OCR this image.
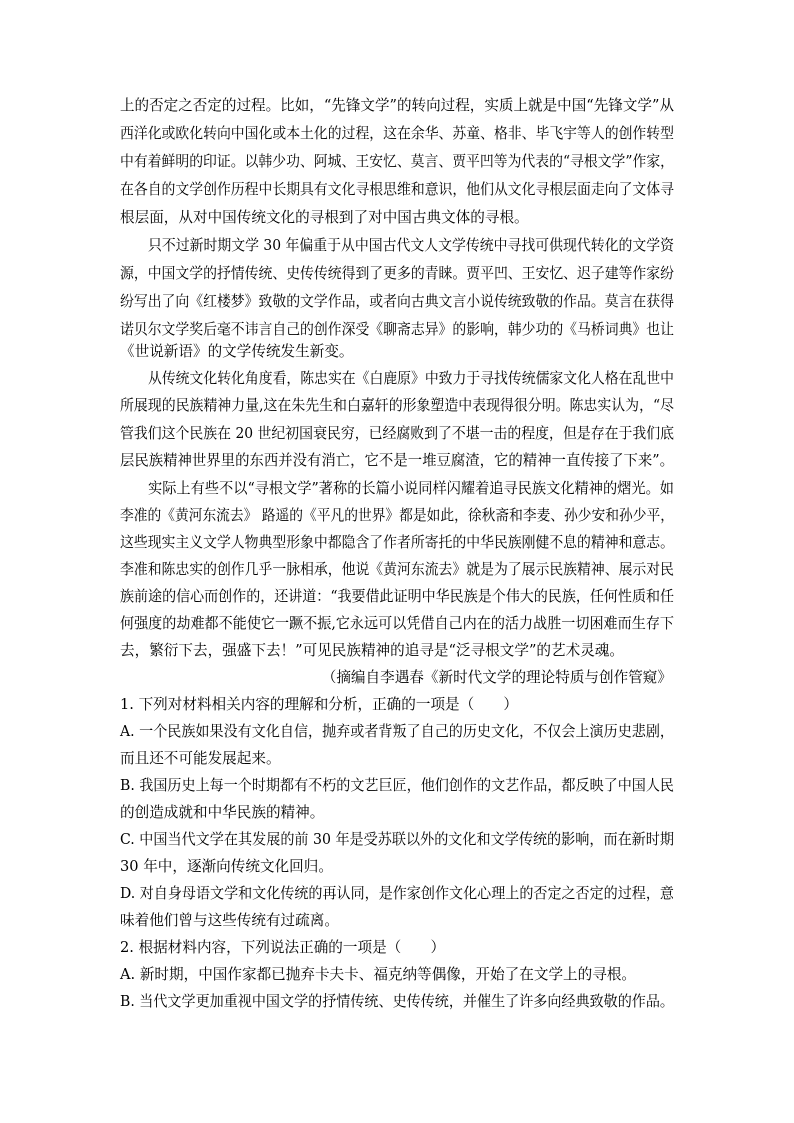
上的否定之否定的过程。比如，“先锋文学”的转向过程，实质上就是中国“先锋文学”从
西洋化或欧化转向中国化或本土化的过程，这在余华、苏童、格非、毕飞宇等人的创作转型
中有着鲜明的印证。以韩少功、阿城、王安忆、莫言、贾平凹等为代表的“寻根文学”作家，
在各自的文学创作历程中长期具有文化寻根思维和意识，他们从文化寻根层面走向了文体寻
根层面，从对中国传统文化的寻根到了对中国古典文体的寻根。
只不过新时期文学 30 年偏重于从中国古代文人文学传统中寻找可供现代转化的文学资
源，中国文学的抒情传统、史传传统得到了更多的青睐。贾平凹、王安忆、迟子建等作家纷
纷写出了向《红楼梦》致敬的文学作品，或者向古典文言小说传统致敬的作品。莫言在获得
诺贝尔文学奖后毫不讳言自己的创作深受《聊斋志异》的影响，韩少功的《马桥词典》也让
《世说新语》的文学传统发生新变。
从传统文化转化角度看，陈忠实在《白鹿原》中致力于寻找传统儒家文化人格在乱世中
所展现的民族精神力量,这在朱先生和白嘉轩的形象塑造中表现得很分明。陈忠实认为，“尽
管我们这个民族在 20 世纪初国衰民穷，已经腐败到了不堪一击的程度，但是存在于我们底
层民族精神世界里的东西并没有消亡，它不是一堆豆腐渣，它的精神一直传接了下来”。
实际上有些不以“寻根文学”著称的长篇小说同样闪耀着追寻民族文化精神的熠光。如
李准的《黄河东流去》 路遥的《平凡的世界》都是如此，徐秋斋和李麦、孙少安和孙少平，
这些现实主义文学人物典型形象中都隐含了作者所寄托的中华民族刚健不息的精神和意志。
李准和陈忠实的创作几乎一脉相承，他说《黄河东流去》就是为了展示民族精神、展示对民
族前途的信心而创作的，还讲道：“我要借此证明中华民族是个伟大的民族，任何性质和任
何强度的劫难都不能使它一蹶不振,它永远可以凭借自己内在的活力战胜一切困难而生存下
去，繁衍下去，强盛下去！”可见民族精神的追寻是“泛寻根文学”的艺术灵魂。
（摘编自李遇春《新时代文学的理论特质与创作管窥》
1. 下列对材料相关内容的理解和分析，正确的一项是（　　）
A. 一个民族如果没有文化自信，抛弃或者背叛了自己的历史文化，不仅会上演历史悲剧，
而且还不可能发展起来。
B. 我国历史上每一个时期都有不朽的文艺巨匠，他们创作的文艺作品，都反映了中国人民
的创造成就和中华民族的精神。
C. 中国当代文学在其发展的前 30 年是受苏联以外的文化和文学传统的影响，而在新时期
30 年中，逐渐向传统文化回归。
D. 对自身母语文学和文化传统的再认同，是作家创作文化心理上的否定之否定的过程，意
味着他们曾与这些传统有过疏离。
2. 根据材料内容，下列说法正确的一项是（　　）
A. 新时期，中国作家都已抛弃卡夫卡、福克纳等偶像，开始了在文学上的寻根。
B. 当代文学更加重视中国文学的抒情传统、史传传统，并催生了许多向经典致敬的作品。
